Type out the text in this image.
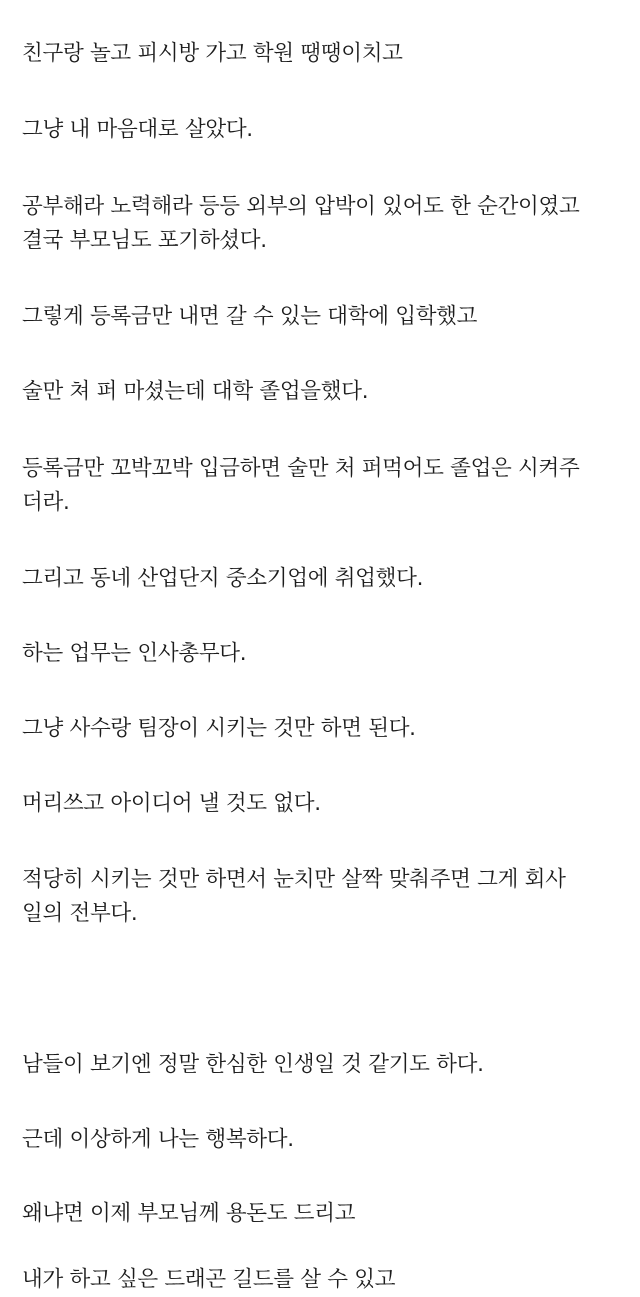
친구랑 놀고 피시방 가고 학원 땡땡이치고

그냥 내 마음대로 살았다.

공부해라 노력해라 등등 외부의 압박이 있어도 한 순간이였고
결국 부모님도 포기하셨다.

그렇게 등록금만 내면 갈 수 있는 대학에 입학했고

술만 쳐 퍼 마셨는데 대학 졸업을했다.

등록금만 꼬박꼬박 입금하면 술만 처 퍼먹어도 졸업은 시켜주
더라.

그리고 동네 산업단지 중소기업에 취업했다.

하는 업무는 인사총무다.

그냥 사수랑 팀장이 시키는 것만 하면 된다.

머리쓰고 아이디어 낼 것도 없다.

적당히 시키는 것만 하면서 눈치만 살짝 맞춰주면 그게 회사
일의 전부다.

남들이 보기엔 정말 한심한 인생일 것 같기도 하다.

근데 이상하게 나는 행복하다.

왜냐면 이제 부모님께 용돈도 드리고

내가 하고 싶은 드래곤 길드를 살 수 있고
